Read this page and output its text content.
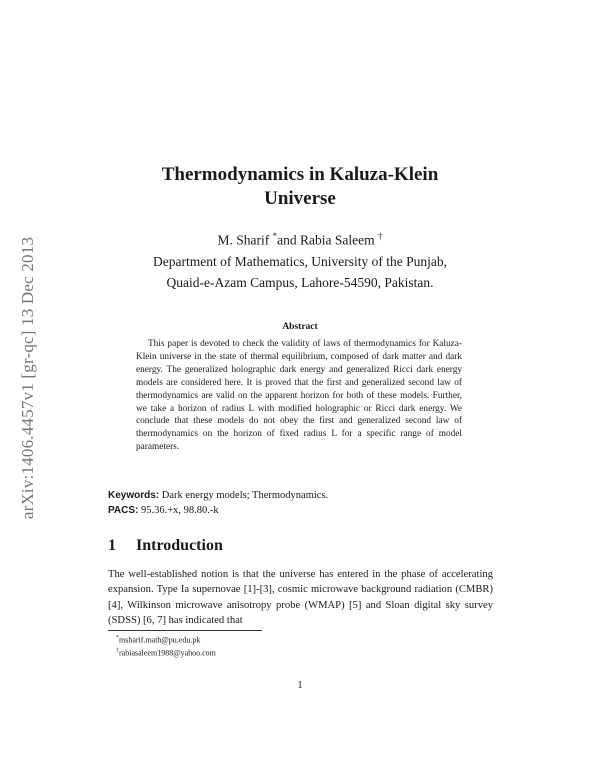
arXiv:1406.4457v1 [gr-qc] 13 Dec 2013
Thermodynamics in Kaluza-Klein
Universe
M. Sharif *and Rabia Saleem †
Department of Mathematics, University of the Punjab,
Quaid-e-Azam Campus, Lahore-54590, Pakistan.
Abstract

This paper is devoted to check the validity of laws of thermodynamics for Kaluza-Klein universe in the state of thermal equilibrium, composed of dark matter and dark energy. The generalized holographic dark energy and generalized Ricci dark energy models are considered here. It is proved that the first and generalized second law of thermodynamics are valid on the apparent horizon for both of these models. Further, we take a horizon of radius L with modified holographic or Ricci dark energy. We conclude that these models do not obey the first and generalized second law of thermodynamics on the horizon of fixed radius L for a specific range of model parameters.

Keywords: Dark energy models; Thermodynamics.
PACS: 95.36.+x, 98.80.-k
1 Introduction

The well-established notion is that the universe has entered in the phase of accelerating expansion. Type Ia supernovae [1]-[3], cosmic microwave background radiation (CMBR) [4], Wilkinson microwave anisotropy probe (WMAP) [5] and Sloan digital sky survey (SDSS) [6, 7] has indicated that

*msharif.math@pu.edu.pk
†rabiasaleem1988@yahoo.com
1
